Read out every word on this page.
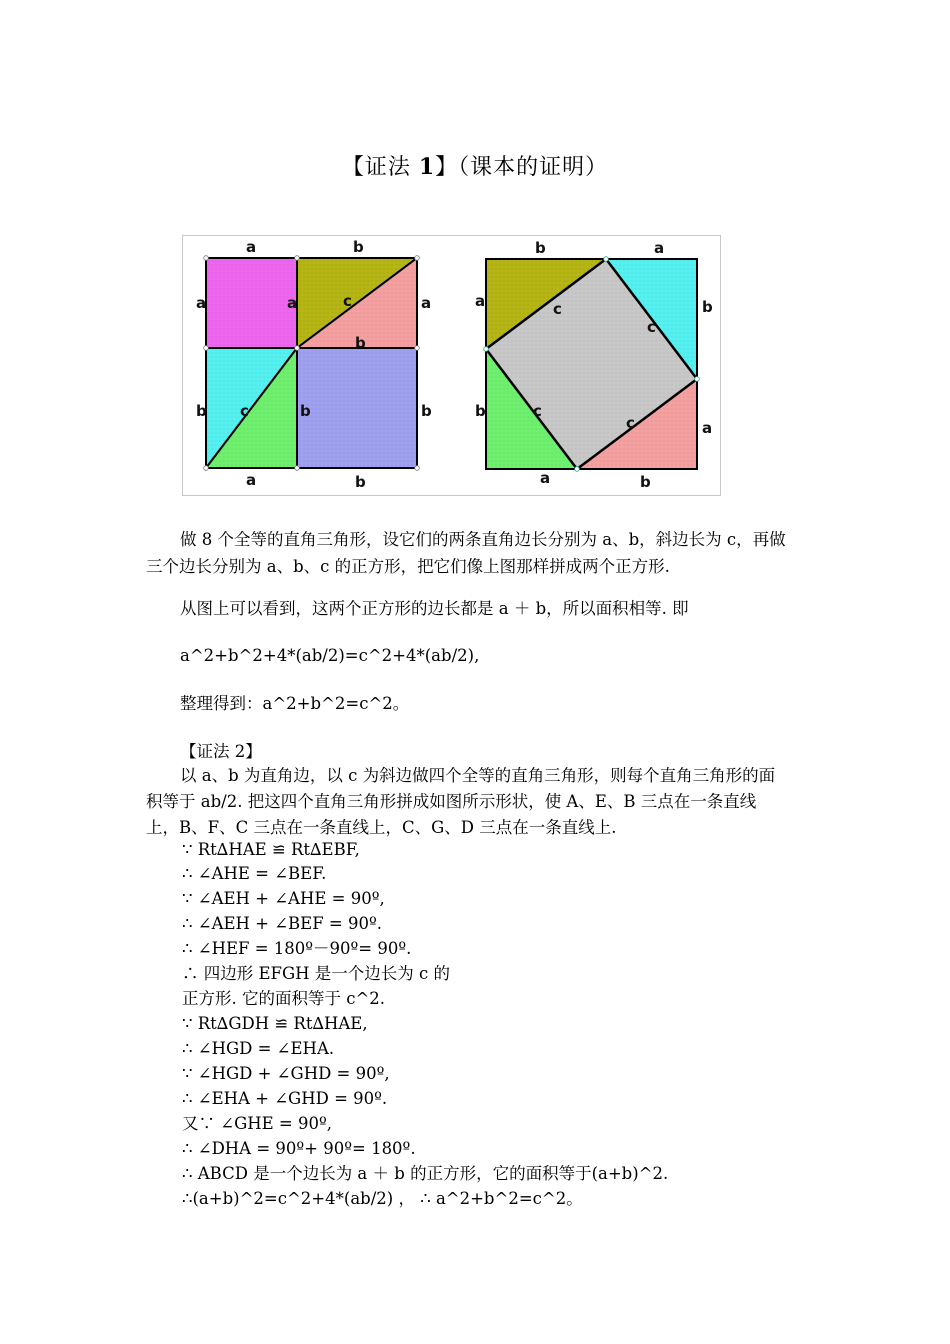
【证法 1】（课本的证明）
a	b
a
b
a	a
b
c
b
c	b
a	b
b	a
a
b
b
a
c
c
c
c
a	b
做 8 个全等的直角三角形，设它们的两条直角边长分别为 a、b，斜边长为 c，再做三个边长分别为 a、b、c 的正方形，把它们像上图那样拼成两个正方形.
从图上可以看到，这两个正方形的边长都是 a ＋ b，所以面积相等. 即
a^2+b^2+4*(ab/2)=c^2+4*(ab/2),
整理得到：a^2+b^2=c^2。
【证法 2】
以 a、b 为直角边，以 c 为斜边做四个全等的直角三角形，则每个直角三角形的面积等于 ab/2. 把这四个直角三角形拼成如图所示形状，使 A、E、B 三点在一条直线上，B、F、C 三点在一条直线上，C、G、D 三点在一条直线上.
∵ Rt∆HAE ≌ Rt∆EBF,
∴ ∠AHE = ∠BEF.
∵ ∠AEH + ∠AHE = 90º,
∴ ∠AEH + ∠BEF = 90º.
∴ ∠HEF = 180º－90º= 90º.
∴ 四边形 EFGH 是一个边长为 c 的
正方形. 它的面积等于 c^2.
∵ Rt∆GDH ≌ Rt∆HAE,
∴ ∠HGD = ∠EHA.
∵ ∠HGD + ∠GHD = 90º,
∴ ∠EHA + ∠GHD = 90º.
又∵ ∠GHE = 90º,
∴ ∠DHA = 90º+ 90º= 180º.
∴ ABCD 是一个边长为 a ＋ b 的正方形，它的面积等于(a+b)^2.
∴(a+b)^2=c^2+4*(ab/2) ， ∴ a^2+b^2=c^2。
